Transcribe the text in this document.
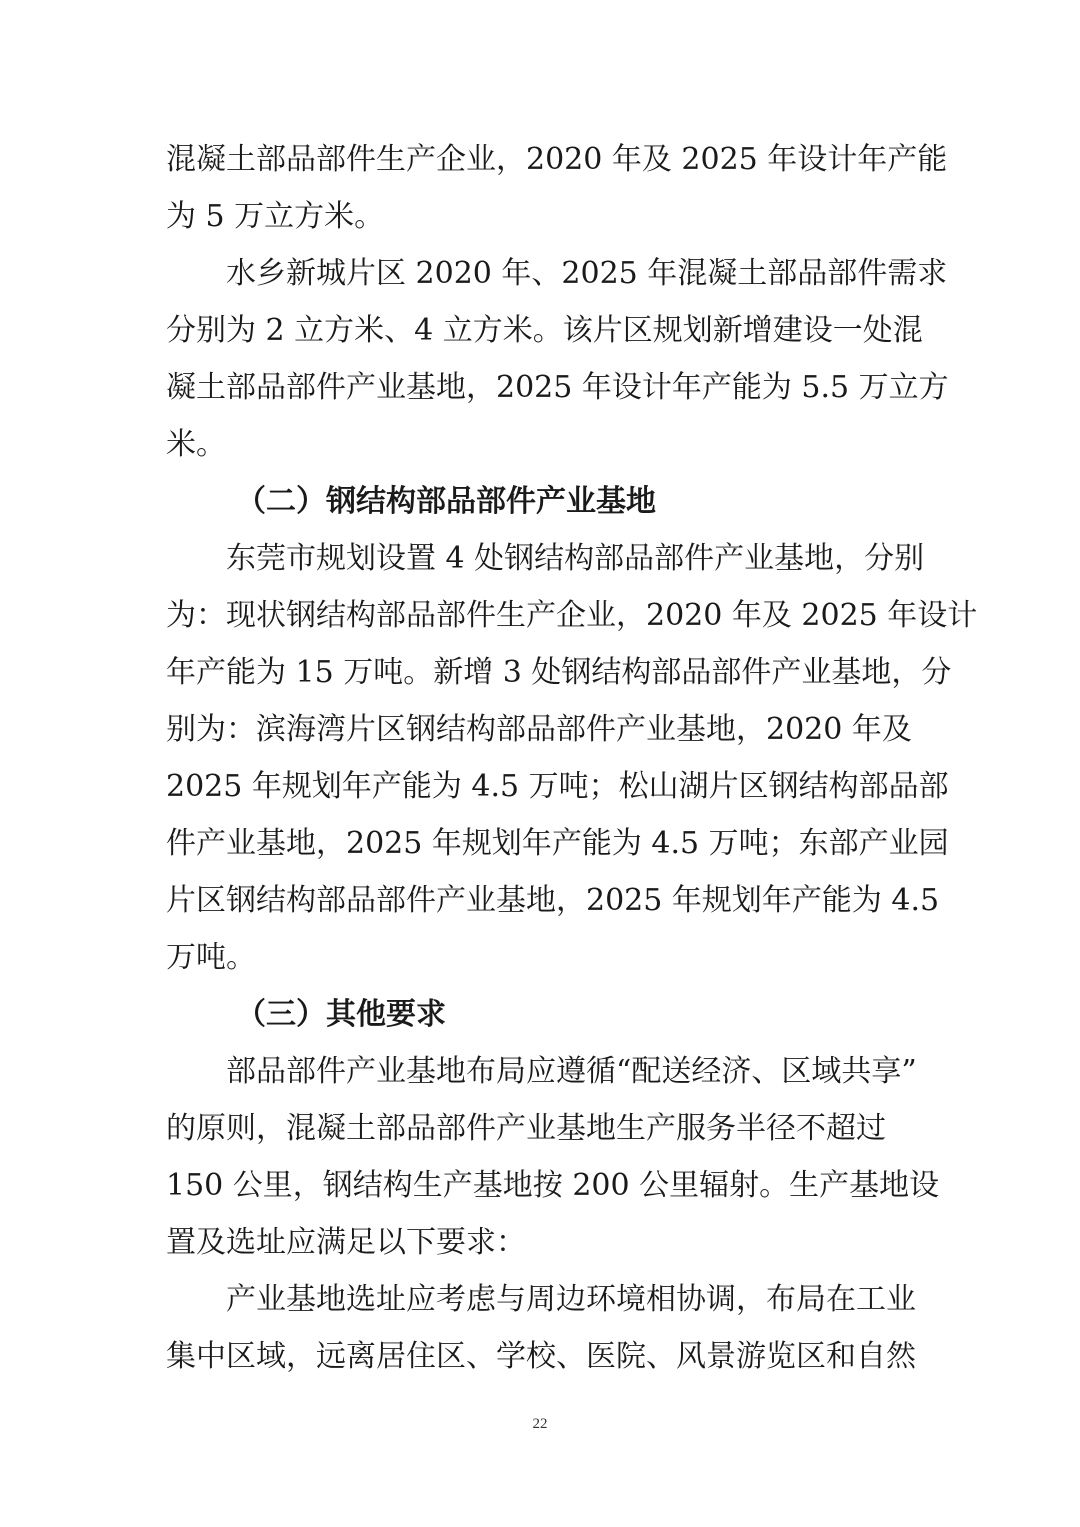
混凝土部品部件生产企业，2020 年及 2025 年设计年产能
为 5 万立方米。
水乡新城片区 2020 年、2025 年混凝土部品部件需求
分别为 2 立方米、4 立方米。该片区规划新增建设一处混
凝土部品部件产业基地，2025 年设计年产能为 5.5 万立方
米。
（二）钢结构部品部件产业基地
东莞市规划设置 4 处钢结构部品部件产业基地，分别
为：现状钢结构部品部件生产企业，2020 年及 2025 年设计
年产能为 15 万吨。新增 3 处钢结构部品部件产业基地，分
别为：滨海湾片区钢结构部品部件产业基地，2020 年及
2025 年规划年产能为 4.5 万吨；松山湖片区钢结构部品部
件产业基地，2025 年规划年产能为 4.5 万吨；东部产业园
片区钢结构部品部件产业基地，2025 年规划年产能为 4.5
万吨。
（三）其他要求
部品部件产业基地布局应遵循“配送经济、区域共享”
的原则，混凝土部品部件产业基地生产服务半径不超过
150 公里，钢结构生产基地按 200 公里辐射。生产基地设
置及选址应满足以下要求：
产业基地选址应考虑与周边环境相协调，布局在工业
集中区域，远离居住区、学校、医院、风景游览区和自然
22
